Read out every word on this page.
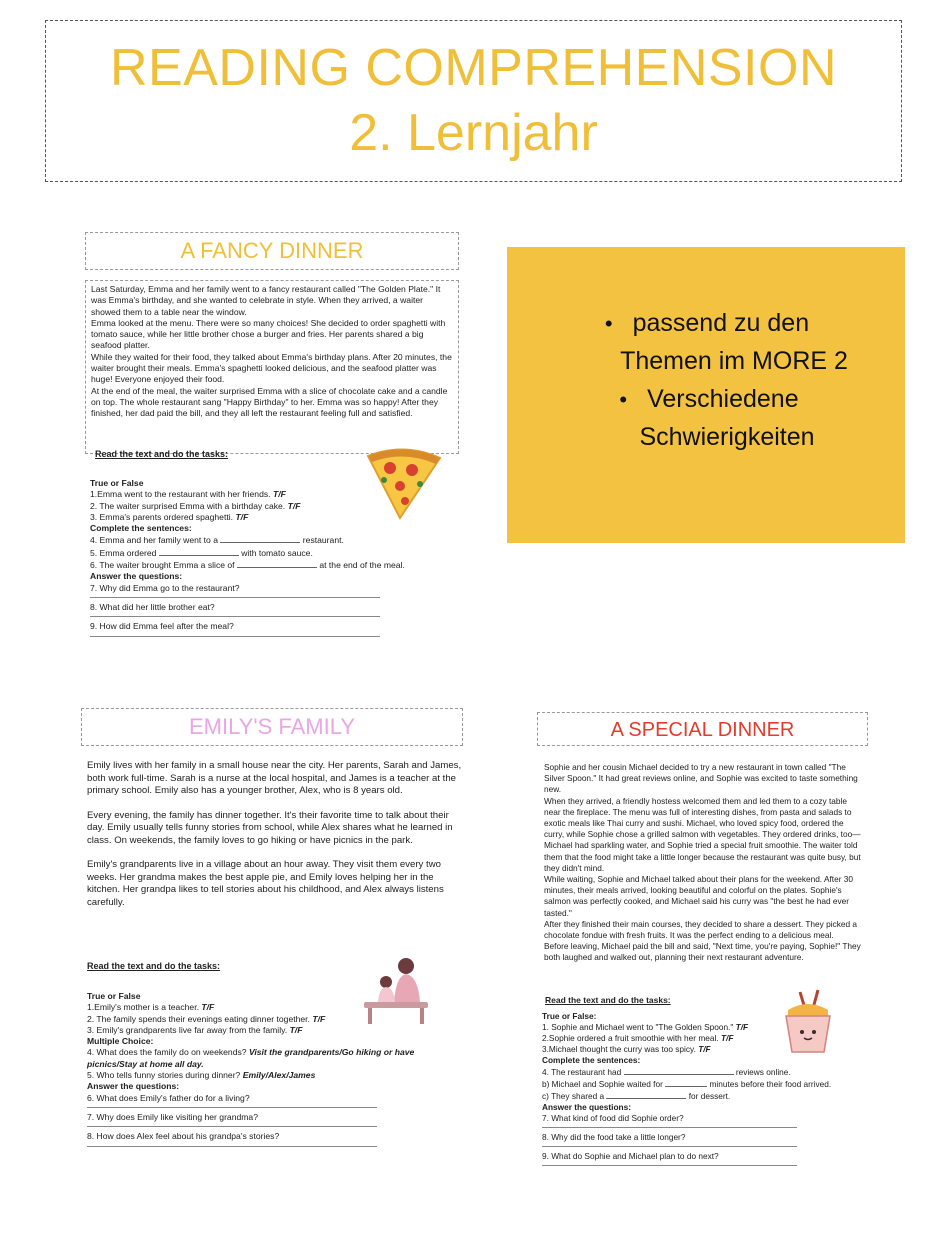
READING COMPREHENSION
2. Lernjahr
• passend zu den
Themen im MORE 2
• Verschiedene
Schwierigkeiten
A FANCY DINNER

Last Saturday, Emma and her family went to a fancy restaurant called "The Golden Plate." It was Emma's birthday, and she wanted to celebrate in style. When they arrived, a waiter showed them to a table near the window.

Emma looked at the menu. There were so many choices! She decided to order spaghetti with tomato sauce, while her little brother chose a burger and fries. Her parents shared a big seafood platter.

While they waited for their food, they talked about Emma's birthday plans. After 20 minutes, the waiter brought their meals. Emma's spaghetti looked delicious, and the seafood platter was huge! Everyone enjoyed their food.

At the end of the meal, the waiter surprised Emma with a slice of chocolate cake and a candle on top. The whole restaurant sang "Happy Birthday" to her. Emma was so happy! After they finished, her dad paid the bill, and they all left the restaurant feeling full and satisfied.

Read the text and do the tasks:
True or False
1.Emma went to the restaurant with her friends. T/F
2. The waiter surprised Emma with a birthday cake. T/F
3. Emma's parents ordered spaghetti. T/F
Complete the sentences:
4. Emma and her family went to a	restaurant.
5. Emma ordered	with tomato sauce.
6. The waiter brought Emma a slice of	at the end of the meal.
Answer the questions:
7. Why did Emma go to the restaurant?
8. What did her little brother eat?
9. How did Emma feel after the meal?
EMILY'S FAMILY

Emily lives with her family in a small house near the city. Her parents, Sarah and James, both work full-time. Sarah is a nurse at the local hospital, and James is a teacher at the primary school. Emily also has a younger brother, Alex, who is 8 years old.

Every evening, the family has dinner together. It's their favorite time to talk about their day. Emily usually tells funny stories from school, while Alex shares what he learned in class. On weekends, the family loves to go hiking or have picnics in the park.

Emily's grandparents live in a village about an hour away. They visit them every two weeks. Her grandma makes the best apple pie, and Emily loves helping her in the kitchen. Her grandpa likes to tell stories about his childhood, and Alex always listens carefully.

Read the text and do the tasks:
True or False
1.Emily's mother is a teacher. T/F
2. The family spends their evenings eating dinner together. T/F
3. Emily's grandparents live far away from the family. T/F
Multiple Choice:
4. What does the family do on weekends? Visit the grandparents/Go hiking or have picnics/Stay at home all day.
5. Who tells funny stories during dinner? Emily/Alex/James
Answer the questions:
6. What does Emily's father do for a living?
7. Why does Emily like visiting her grandma?
8. How does Alex feel about his grandpa's stories?
A SPECIAL DINNER

Sophie and her cousin Michael decided to try a new restaurant in town called "The Silver Spoon." It had great reviews online, and Sophie was excited to taste something new.

When they arrived, a friendly hostess welcomed them and led them to a cozy table near the fireplace. The menu was full of interesting dishes, from pasta and salads to exotic meals like Thai curry and sushi. Michael, who loved spicy food, ordered the curry, while Sophie chose a grilled salmon with vegetables. They ordered drinks, too—Michael had sparkling water, and Sophie tried a special fruit smoothie. The waiter told them that the food might take a little longer because the restaurant was quite busy, but they didn't mind.

While waiting, Sophie and Michael talked about their plans for the weekend. After 30 minutes, their meals arrived, looking beautiful and colorful on the plates. Sophie's salmon was perfectly cooked, and Michael said his curry was "the best he had ever tasted."

After they finished their main courses, they decided to share a dessert. They picked a chocolate fondue with fresh fruits. It was the perfect ending to a delicious meal.

Before leaving, Michael paid the bill and said, "Next time, you're paying, Sophie!" They both laughed and walked out, planning their next restaurant adventure.

Read the text and do the tasks:
True or False:
1. Sophie and Michael went to "The Golden Spoon." T/F
2.Sophie ordered a fruit smoothie with her meal. T/F
3.Michael thought the curry was too spicy. T/F
Complete the sentences:
4. The restaurant had	reviews online.
b) Michael and Sophie waited for	minutes before their food arrived.
c) They shared a	for dessert.
Answer the questions:
7. What kind of food did Sophie order?
8. Why did the food take a little longer?
9. What do Sophie and Michael plan to do next?
